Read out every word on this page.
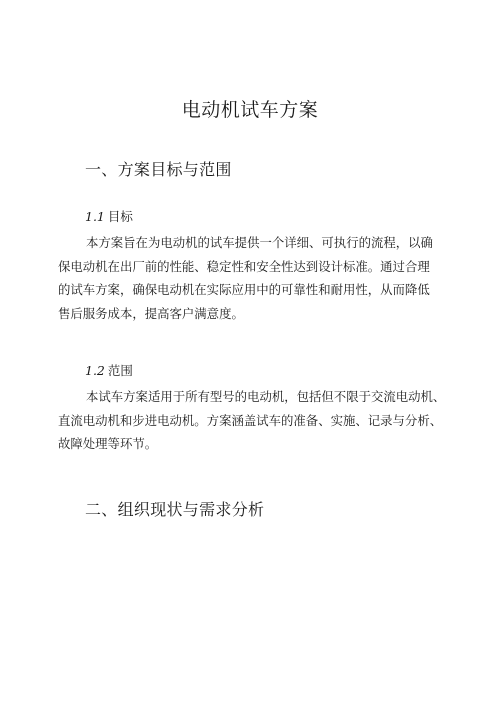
电动机试车方案
一、方案目标与范围
1.1 目标
本方案旨在为电动机的试车提供一个详细、可执行的流程，以确
保电动机在出厂前的性能、稳定性和安全性达到设计标准。通过合理
的试车方案，确保电动机在实际应用中的可靠性和耐用性，从而降低
售后服务成本，提高客户满意度。
1.2 范围
本试车方案适用于所有型号的电动机，包括但不限于交流电动机、
直流电动机和步进电动机。方案涵盖试车的准备、实施、记录与分析、
故障处理等环节。
二、组织现状与需求分析
